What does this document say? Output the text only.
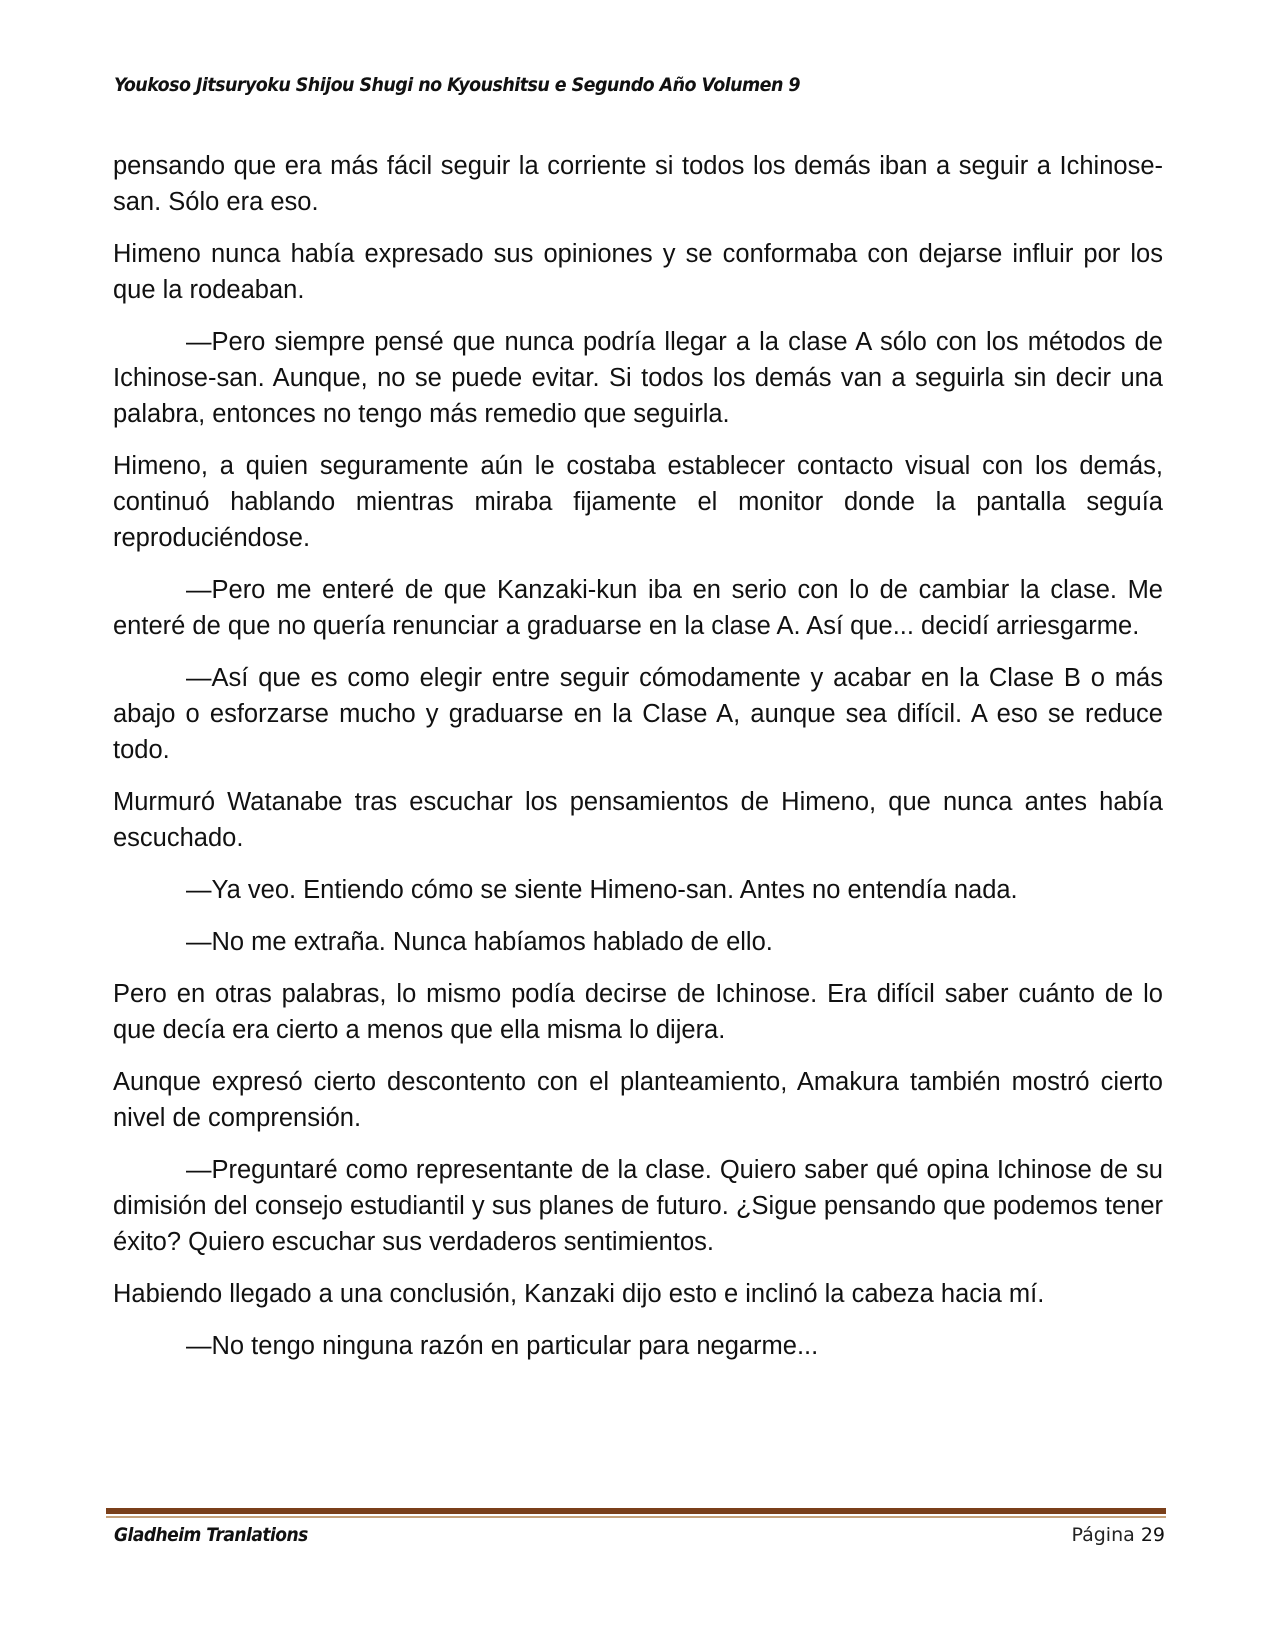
Youkoso Jitsuryoku Shijou Shugi no Kyoushitsu e Segundo Año Volumen 9

pensando que era más fácil seguir la corriente si todos los demás iban a seguir a Ichinose-san. Sólo era eso.

Himeno nunca había expresado sus opiniones y se conformaba con dejarse influir por los que la rodeaban.

—Pero siempre pensé que nunca podría llegar a la clase A sólo con los métodos de Ichinose-san. Aunque, no se puede evitar. Si todos los demás van a seguirla sin decir una palabra, entonces no tengo más remedio que seguirla.

Himeno, a quien seguramente aún le costaba establecer contacto visual con los demás, continuó hablando mientras miraba fijamente el monitor donde la pantalla seguía reproduciéndose.

—Pero me enteré de que Kanzaki-kun iba en serio con lo de cambiar la clase. Me enteré de que no quería renunciar a graduarse en la clase A. Así que... decidí arriesgarme.

—Así que es como elegir entre seguir cómodamente y acabar en la Clase B o más abajo o esforzarse mucho y graduarse en la Clase A, aunque sea difícil. A eso se reduce todo.

Murmuró Watanabe tras escuchar los pensamientos de Himeno, que nunca antes había escuchado.

—Ya veo. Entiendo cómo se siente Himeno-san. Antes no entendía nada.

—No me extraña. Nunca habíamos hablado de ello.

Pero en otras palabras, lo mismo podía decirse de Ichinose. Era difícil saber cuánto de lo que decía era cierto a menos que ella misma lo dijera.

Aunque expresó cierto descontento con el planteamiento, Amakura también mostró cierto nivel de comprensión.

—Preguntaré como representante de la clase. Quiero saber qué opina Ichinose de su dimisión del consejo estudiantil y sus planes de futuro. ¿Sigue pensando que podemos tener éxito? Quiero escuchar sus verdaderos sentimientos.

Habiendo llegado a una conclusión, Kanzaki dijo esto e inclinó la cabeza hacia mí.

—No tengo ninguna razón en particular para negarme...

Gladheim Tranlations	Página 29
